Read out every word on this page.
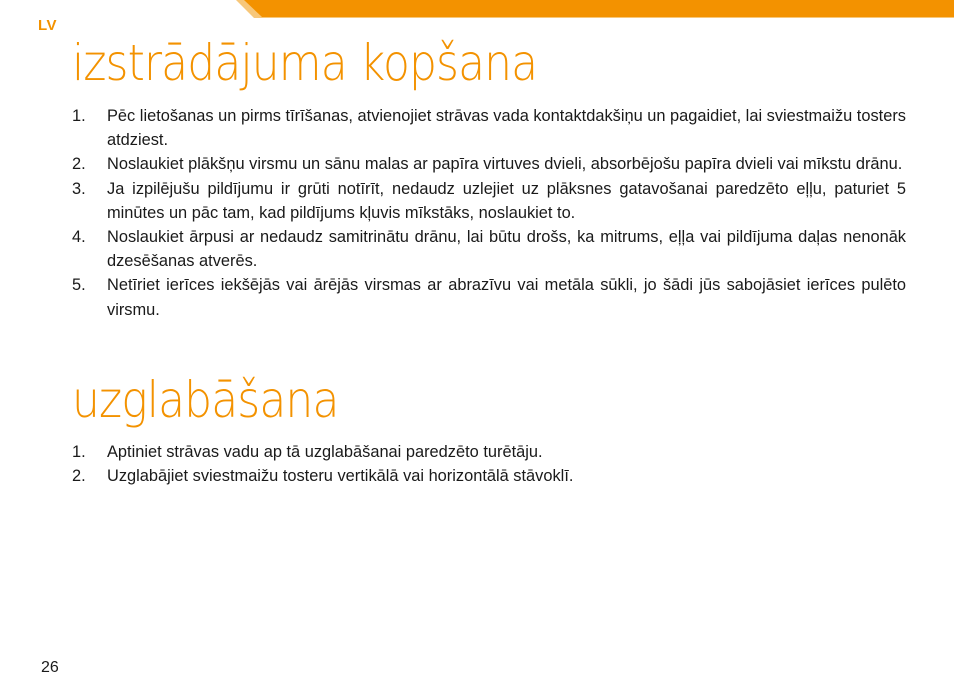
LV
izstrādājuma kopšana
1. Pēc lietošanas un pirms tīrīšanas, atvienojiet strāvas vada kontaktdakšiņu un pagaidiet, lai sviestmaižu tosters atdziest.
2. Noslaukiet plākšņu virsmu un sānu malas ar papīra virtuves dvieli, absorbējošu papīra dvieli vai mīkstu drānu.
3. Ja izpilējušu pildījumu ir grūti notīrīt, nedaudz uzlejiet uz plāksnes gatavošanai paredzēto eļļu, paturiet 5 minūtes un pāc tam, kad pildījums kļuvis mīkstāks, noslaukiet to.
4. Noslaukiet ārpusi ar nedaudz samitrinātu drānu, lai būtu drošs, ka mitrums, eļļa vai pildījuma daļas nenonāk dzesēšanas atverēs.
5. Netīriet ierīces iekšējās vai ārējās virsmas ar abrazīvu vai metāla sūkli, jo šādi jūs sabojāsiet ierīces pulēto virsmu.
uzglabāšana
1. Aptiniet strāvas vadu ap tā uzglabāšanai paredzēto turētāju.
2. Uzglabājiet sviestmaižu tosteru vertikālā vai horizontālā stāvoklī.
26
